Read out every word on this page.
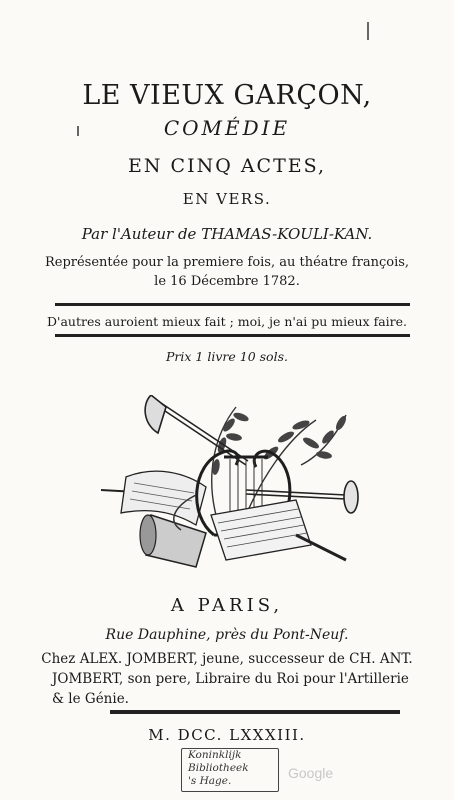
LE VIEUX GARÇON,
COMÉDIE
EN CINQ ACTES,
EN VERS.
Par l'Auteur de THAMAS-KOULI-KAN.
Représentée pour la premiere fois, au théatre françois,
le 16 Décembre 1782.
D'autres auroient mieux fait ; moi, je n'ai pu mieux faire.
Prix 1 livre 10 sols.
A PARIS,
Rue Dauphine, près du Pont-Neuf.
Chez ALEX. JOMBERT, jeune, successeur de CH. ANT.
JOMBERT, son pere, Libraire du Roi pour l'Artillerie
& le Génie.
M. DCC. LXXXIII.
Koninklijk
Bibliotheek
's Hage.	Google
